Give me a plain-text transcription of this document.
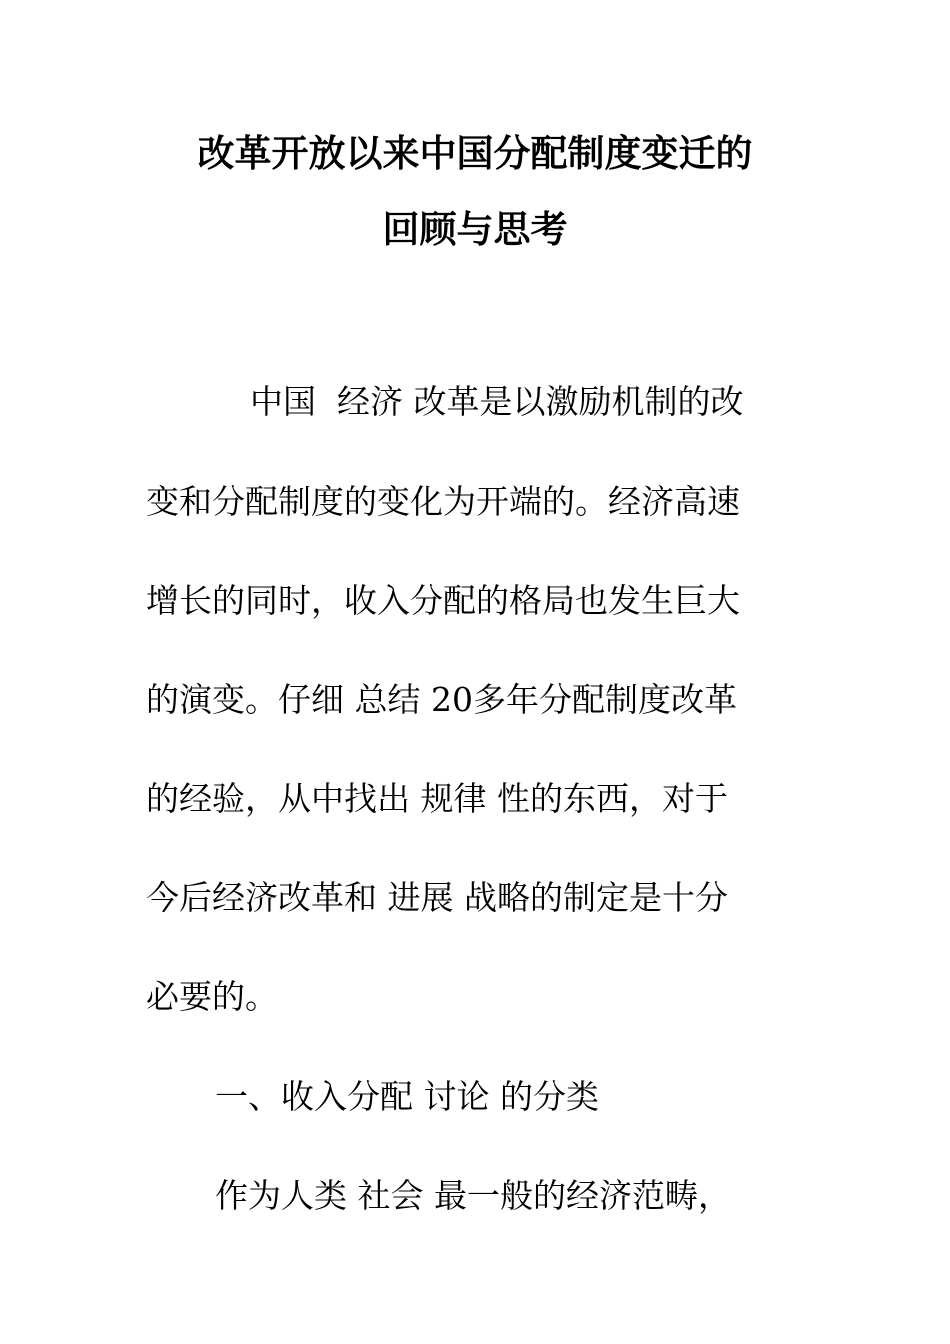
改革开放以来中国分配制度变迁的
回顾与思考
中国  经济 改革是以激励机制的改
变和分配制度的变化为开端的。经济高速
增长的同时，收入分配的格局也发生巨大
的演变。仔细 总结 20多年分配制度改革
的经验，从中找出 规律 性的东西，对于
今后经济改革和 进展 战略的制定是十分
必要的。
一、收入分配 讨论 的分类
作为人类 社会 最一般的经济范畴，
